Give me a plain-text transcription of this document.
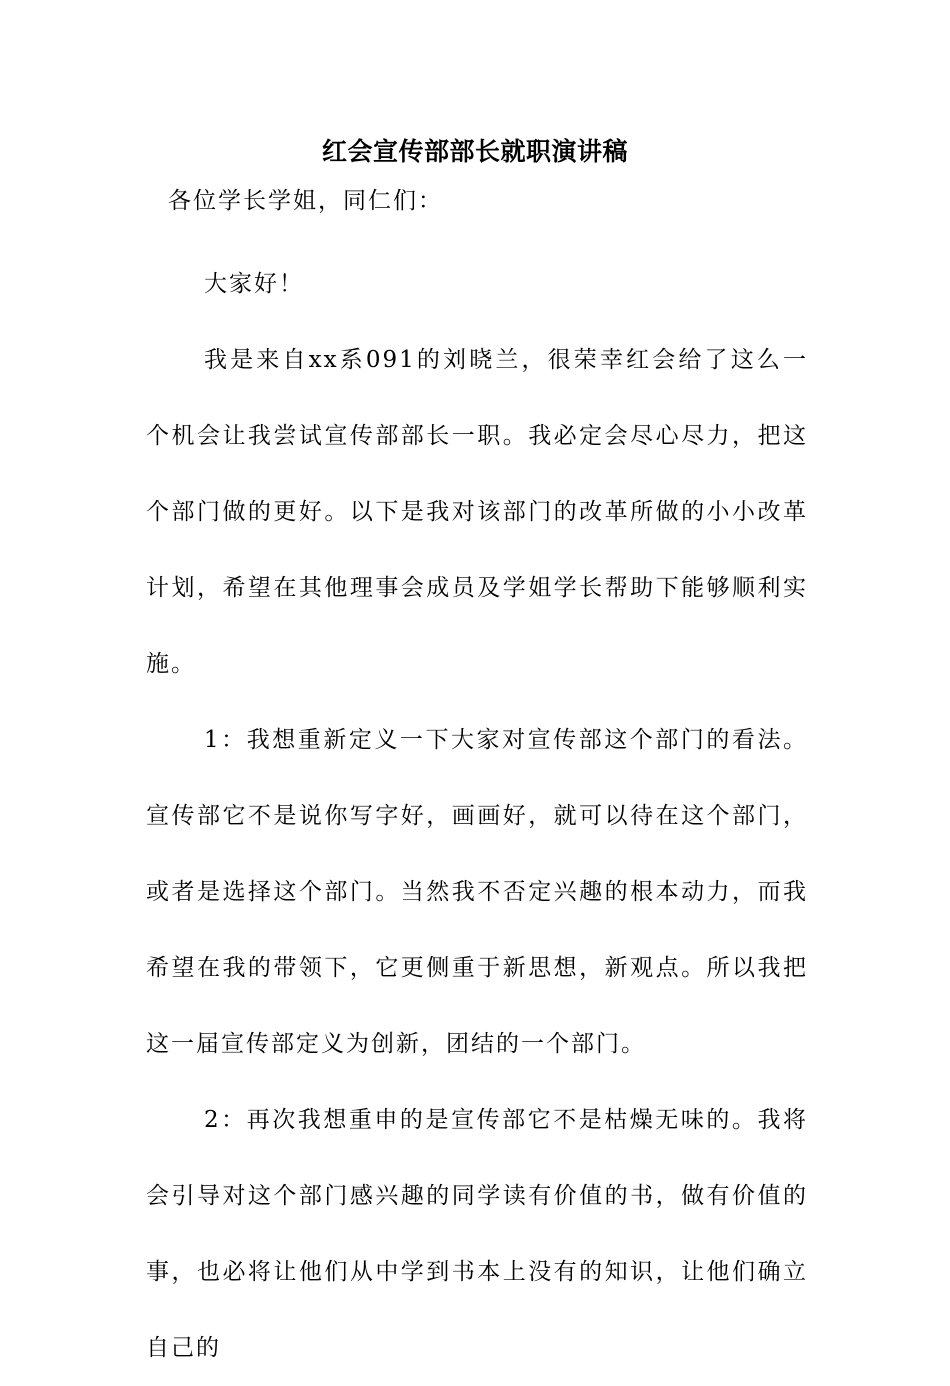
红会宣传部部长就职演讲稿
各位学长学姐，同仁们：

大家好！

我是来自xx系091的刘晓兰，很荣幸红会给了这么一个机会让我尝试宣传部部长一职。我必定会尽心尽力，把这个部门做的更好。以下是我对该部门的改革所做的小小改革计划，希望在其他理事会成员及学姐学长帮助下能够顺利实施。

1：我想重新定义一下大家对宣传部这个部门的看法。宣传部它不是说你写字好，画画好，就可以待在这个部门，或者是选择这个部门。当然我不否定兴趣的根本动力，而我希望在我的带领下，它更侧重于新思想，新观点。所以我把这一届宣传部定义为创新，团结的一个部门。

2：再次我想重申的是宣传部它不是枯燥无味的。我将会引导对这个部门感兴趣的同学读有价值的书，做有价值的事，也必将让他们从中学到书本上没有的知识，让他们确立自己的
